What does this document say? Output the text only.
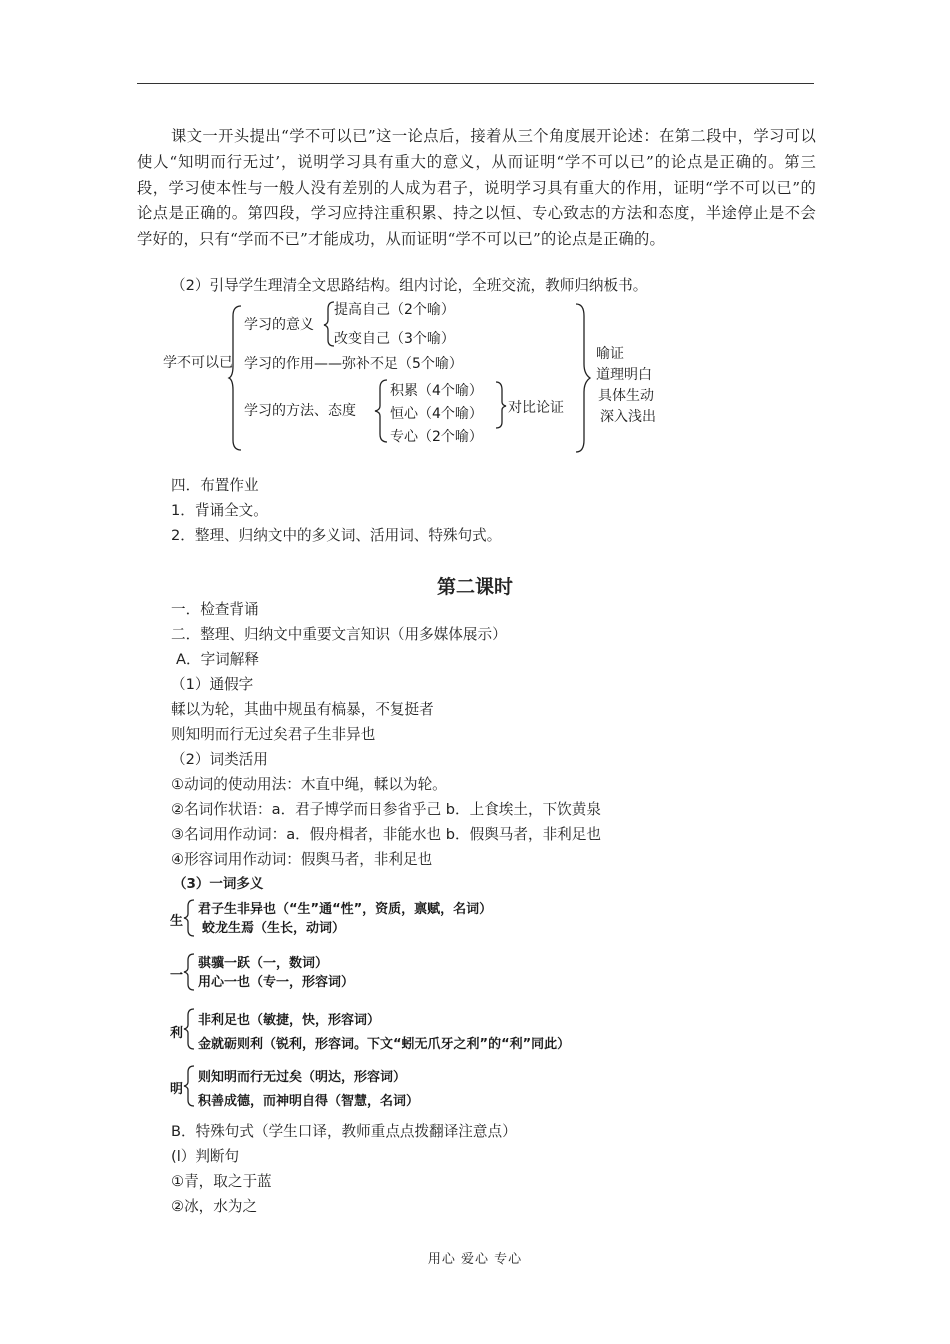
课文一开头提出“学不可以已”这一论点后，接着从三个角度展开论述：在第二段中，学习可以使人“知明而行无过’，说明学习具有重大的意义，从而证明“学不可以已”的论点是正确的。第三段，学习使本性与一般人没有差别的人成为君子，说明学习具有重大的作用，证明“学不可以已”的论点是正确的。第四段，学习应持注重积累、持之以恒、专心致志的方法和态度，半途停止是不会学好的，只有“学而不已”才能成功，从而证明“学不可以已”的论点是正确的。
（2）引导学生理清全文思路结构。组内讨论，全班交流，教师归纳板书。
学不可以已
学习的意义
提高自己（2个喻）
改变自己（3个喻）
学习的作用——弥补不足（5个喻）
学习的方法、态度
积累（4个喻）
恒心（4个喻）
专心（2个喻）
对比论证
喻证
道理明白
具体生动
深入浅出
四．布置作业
1．背诵全文。
2．整理、归纳文中的多义词、活用词、特殊句式。
第二课时
一．检查背诵
二．整理、归纳文中重要文言知识（用多媒体展示）
A．字词解释
（1）通假字
輮以为轮，其曲中规虽有槁暴，不复挺者
则知明而行无过矣君子生非异也
（2）词类活用
①动词的使动用法：木直中绳，輮以为轮。
②名词作状语：a．君子博学而日参省乎己 b．上食埃土，下饮黄泉
③名词用作动词：a．假舟楫者，非能水也 b．假舆马者，非利足也
④形容词用作动词：假舆马者，非利足也
（3）一词多义
生
君子生非异也（“生”通“性”，资质，禀赋，名词）
蛟龙生焉（生长，动词）
一
骐骥一跃（一，数词）
用心一也（专一，形容词）
利
非利足也（敏捷，快，形容词）
金就砺则利（锐利，形容词。下文“蚓无爪牙之利”的“利”同此）
明
则知明而行无过矣（明达，形容词）
积善成德，而神明自得（智慧，名词）
B．特殊句式（学生口译，教师重点点拨翻译注意点）
(l）判断句
①青，取之于蓝
②冰，水为之
用心 爱心 专心
